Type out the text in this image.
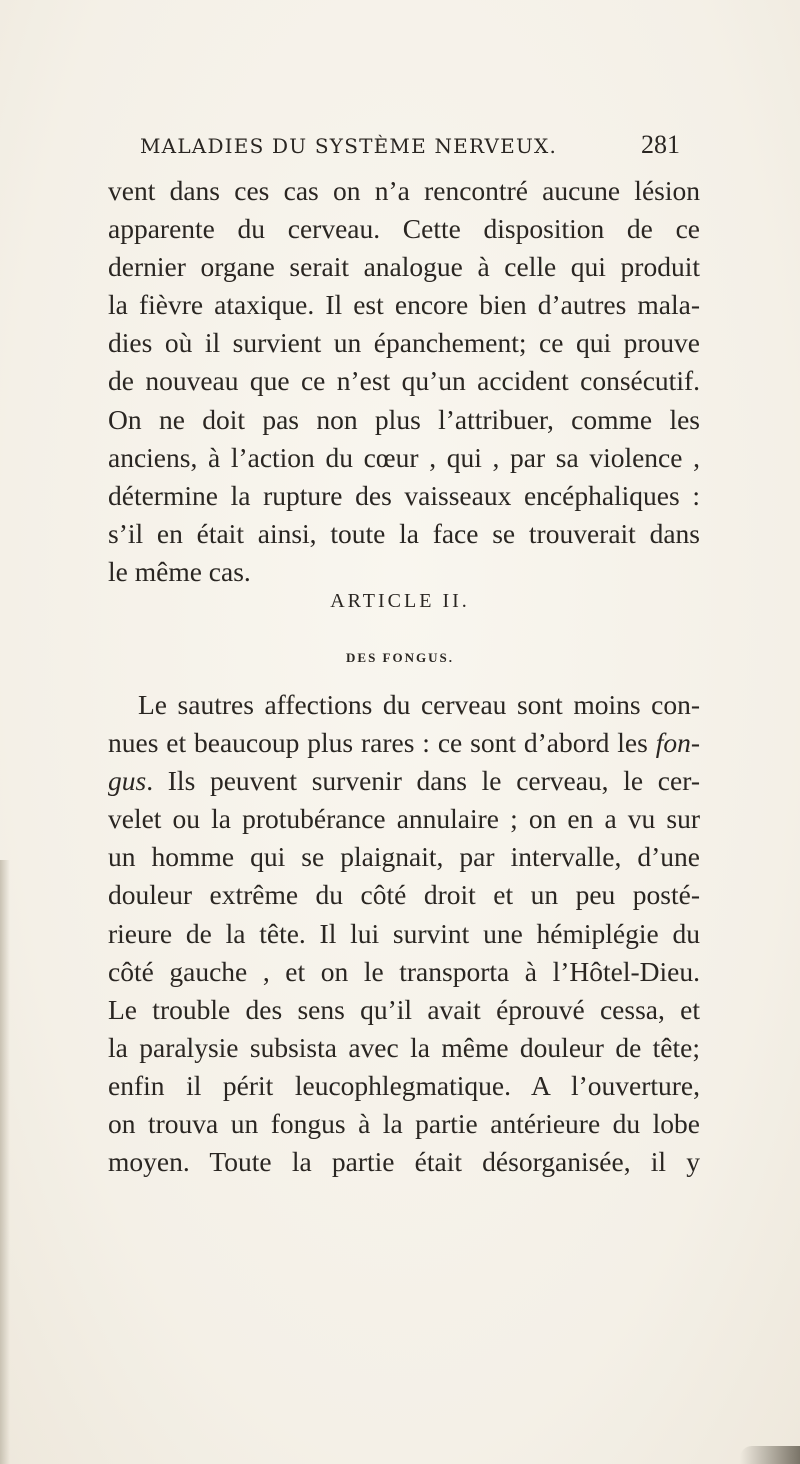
MALADIES DU SYSTÈME NERVEUX.	281
vent dans ces cas on n’a rencontré aucune lésion
apparente du cerveau. Cette disposition de ce
dernier organe serait analogue à celle qui produit
la fièvre ataxique. Il est encore bien d’autres mala-
dies où il survient un épanchement; ce qui prouve
de nouveau que ce n’est qu’un accident consécutif.
On ne doit pas non plus l’attribuer, comme les
anciens, à l’action du cœur , qui , par sa violence ,
détermine la rupture des vaisseaux encéphaliques :
s’il en était ainsi, toute la face se trouverait dans
le même cas.
ARTICLE II.
DES FONGUS.
Le sautres affections du cerveau sont moins con-
nues et beaucoup plus rares : ce sont d’abord les fon-
gus. Ils peuvent survenir dans le cerveau, le cer-
velet ou la protubérance annulaire ; on en a vu sur
un homme qui se plaignait, par intervalle, d’une
douleur extrême du côté droit et un peu posté-
rieure de la tête. Il lui survint une hémiplégie du
côté gauche , et on le transporta à l’Hôtel-Dieu.
Le trouble des sens qu’il avait éprouvé cessa, et
la paralysie subsista avec la même douleur de tête;
enfin il périt leucophlegmatique. A l’ouverture,
on trouva un fongus à la partie antérieure du lobe
moyen. Toute la partie était désorganisée, il y
